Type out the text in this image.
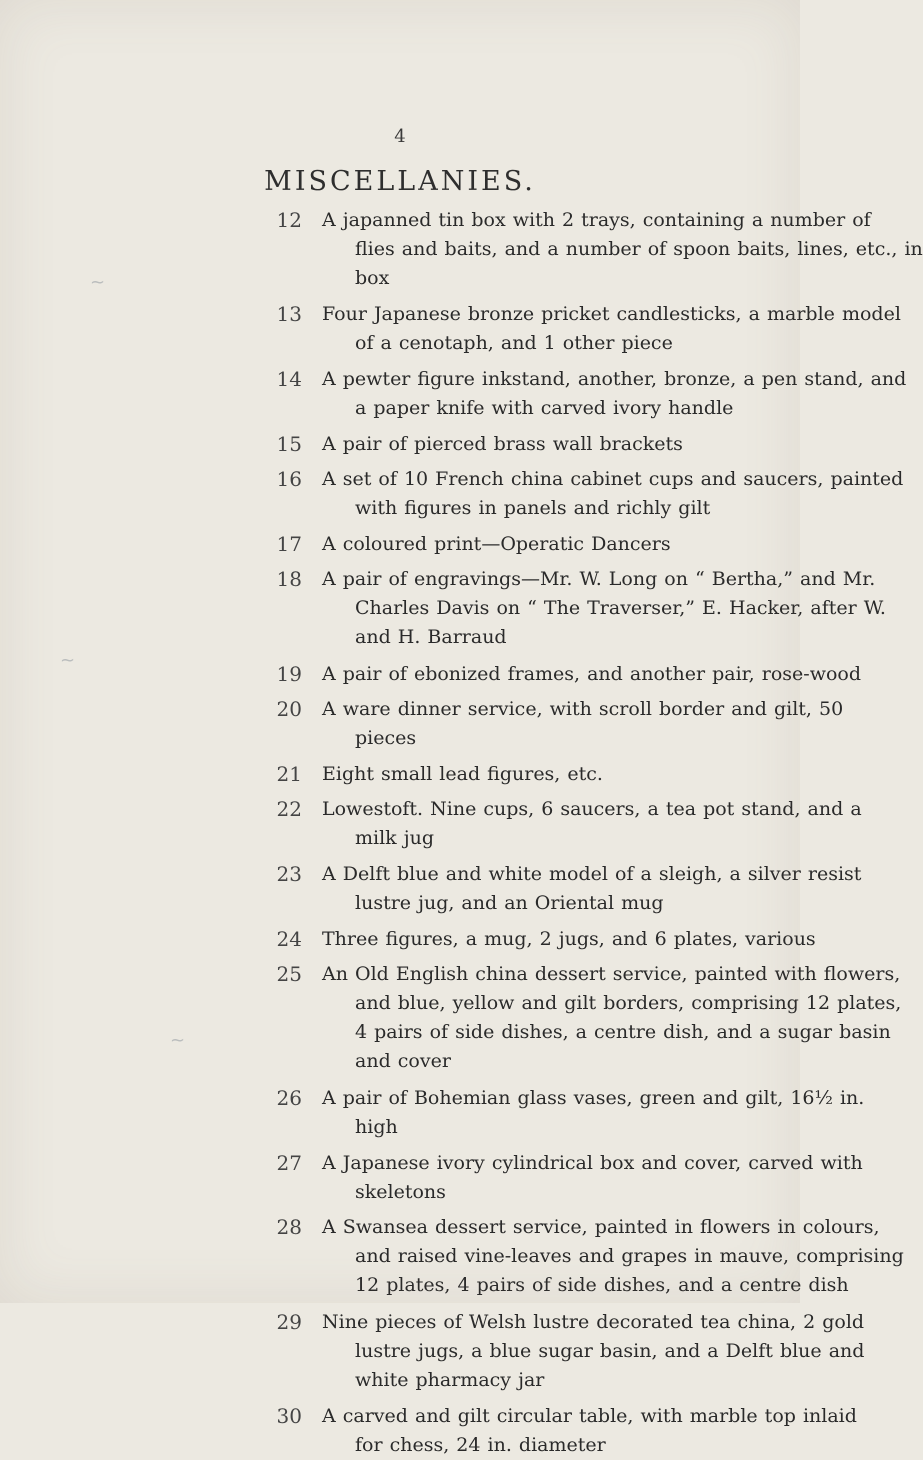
4
MISCELLANIES.
12 A japanned tin box with 2 trays, containing a number of
flies and baits, and a number of spoon baits, lines, etc., in
box
13 Four Japanese bronze pricket candlesticks, a marble model
of a cenotaph, and 1 other piece
14 A pewter figure inkstand, another, bronze, a pen stand, and
a paper knife with carved ivory handle
15 A pair of pierced brass wall brackets
16 A set of 10 French china cabinet cups and saucers, painted
with figures in panels and richly gilt
17 A coloured print—Operatic Dancers
18 A pair of engravings—Mr. W. Long on “ Bertha,” and Mr.
Charles Davis on “ The Traverser,” E. Hacker, after W.
and H. Barraud
19 A pair of ebonized frames, and another pair, rose-wood
20 A ware dinner service, with scroll border and gilt, 50
pieces
21 Eight small lead figures, etc.
22 Lowestoft. Nine cups, 6 saucers, a tea pot stand, and a
milk jug
23 A Delft blue and white model of a sleigh, a silver resist
lustre jug, and an Oriental mug
24 Three figures, a mug, 2 jugs, and 6 plates, various
25 An Old English china dessert service, painted with flowers,
and blue, yellow and gilt borders, comprising 12 plates,
4 pairs of side dishes, a centre dish, and a sugar basin
and cover
26 A pair of Bohemian glass vases, green and gilt, 16½ in.
high
27 A Japanese ivory cylindrical box and cover, carved with
skeletons
28 A Swansea dessert service, painted in flowers in colours,
and raised vine-leaves and grapes in mauve, comprising
12 plates, 4 pairs of side dishes, and a centre dish
29 Nine pieces of Welsh lustre decorated tea china, 2 gold
lustre jugs, a blue sugar basin, and a Delft blue and
white pharmacy jar
30 A carved and gilt circular table, with marble top inlaid
for chess, 24 in. diameter
~
~
~
